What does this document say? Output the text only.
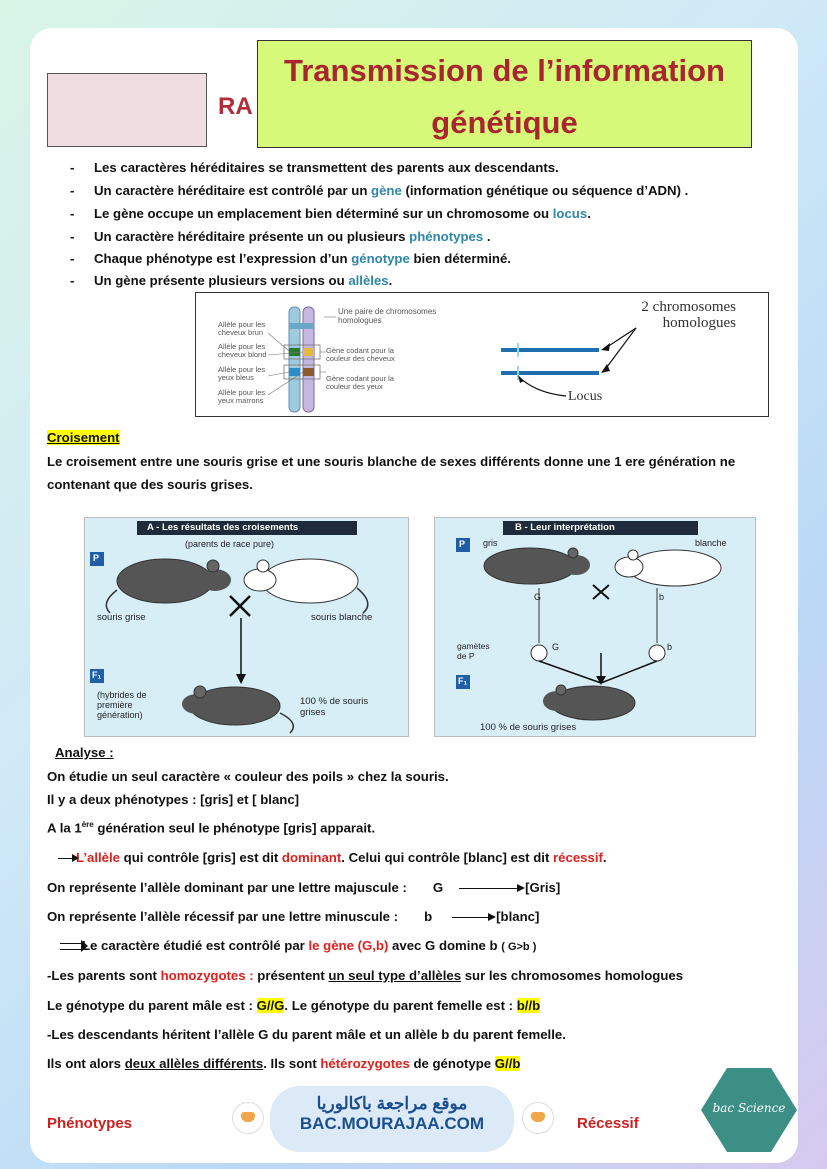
RA
Transmission de l’information
génétique
- Les caractères héréditaires se transmettent des parents aux descendants.
- Un caractère héréditaire est contrôlé par un gène (information génétique ou séquence d’ADN) .
- Le gène occupe un emplacement bien déterminé sur un chromosome ou locus.
- Un caractère héréditaire présente un ou plusieurs phénotypes .
- Chaque phénotype est l’expression d’un génotype bien déterminé.
- Un gène présente plusieurs versions ou allèles.
Une paire de chromosomes homologues
Allèle pour les cheveux brun
Allèle pour les cheveux blond
Allèle pour les yeux bleus
Allèle pour les yeux marrons
Gène codant pour la couleur des cheveux
Gène codant pour la couleur des yeux
2 chromosomes homologues
Locus
Croisement
Le croisement entre une souris grise et une souris blanche de sexes différents donne une 1 ere génération ne
contenant que des souris grises.
A - Les résultats des croisements
(parents de race pure)
P
F₁
souris grise	souris blanche
(hybrides de première génération)
100 % de souris grises
B - Leur interprétation
P
F₁
gris	blanche
gamètes de P
G	b
G	b
100 % de souris grises
Analyse :
On étudie un seul caractère « couleur des poils » chez la souris.
Il y a deux phénotypes : [gris] et [ blanc]
A la 1ère génération seul le phénotype [gris] apparait.
L’allèle qui contrôle [gris] est dit dominant. Celui qui contrôle [blanc] est dit récessif.
On représente l’allèle dominant par une lettre majuscule : G	[Gris]
On représente l’allèle récessif par une lettre minuscule : b	[blanc]
Le caractère étudié est contrôlé par le gène (G,b) avec G domine b ( G>b )
-Les parents sont homozygotes : présentent un seul type d’allèles sur les chromosomes homologues
Le génotype du parent mâle est : G//G. Le génotype du parent femelle est : b//b
-Les descendants héritent l’allèle G du parent mâle et un allèle b du parent femelle.
Ils ont alors deux allèles différents. Ils sont hétérozygotes de génotype G//b
Phénotypes	Récessif
موقع مراجعة باكالوريا
BAC.MOURAJAA.COM
bac Science
